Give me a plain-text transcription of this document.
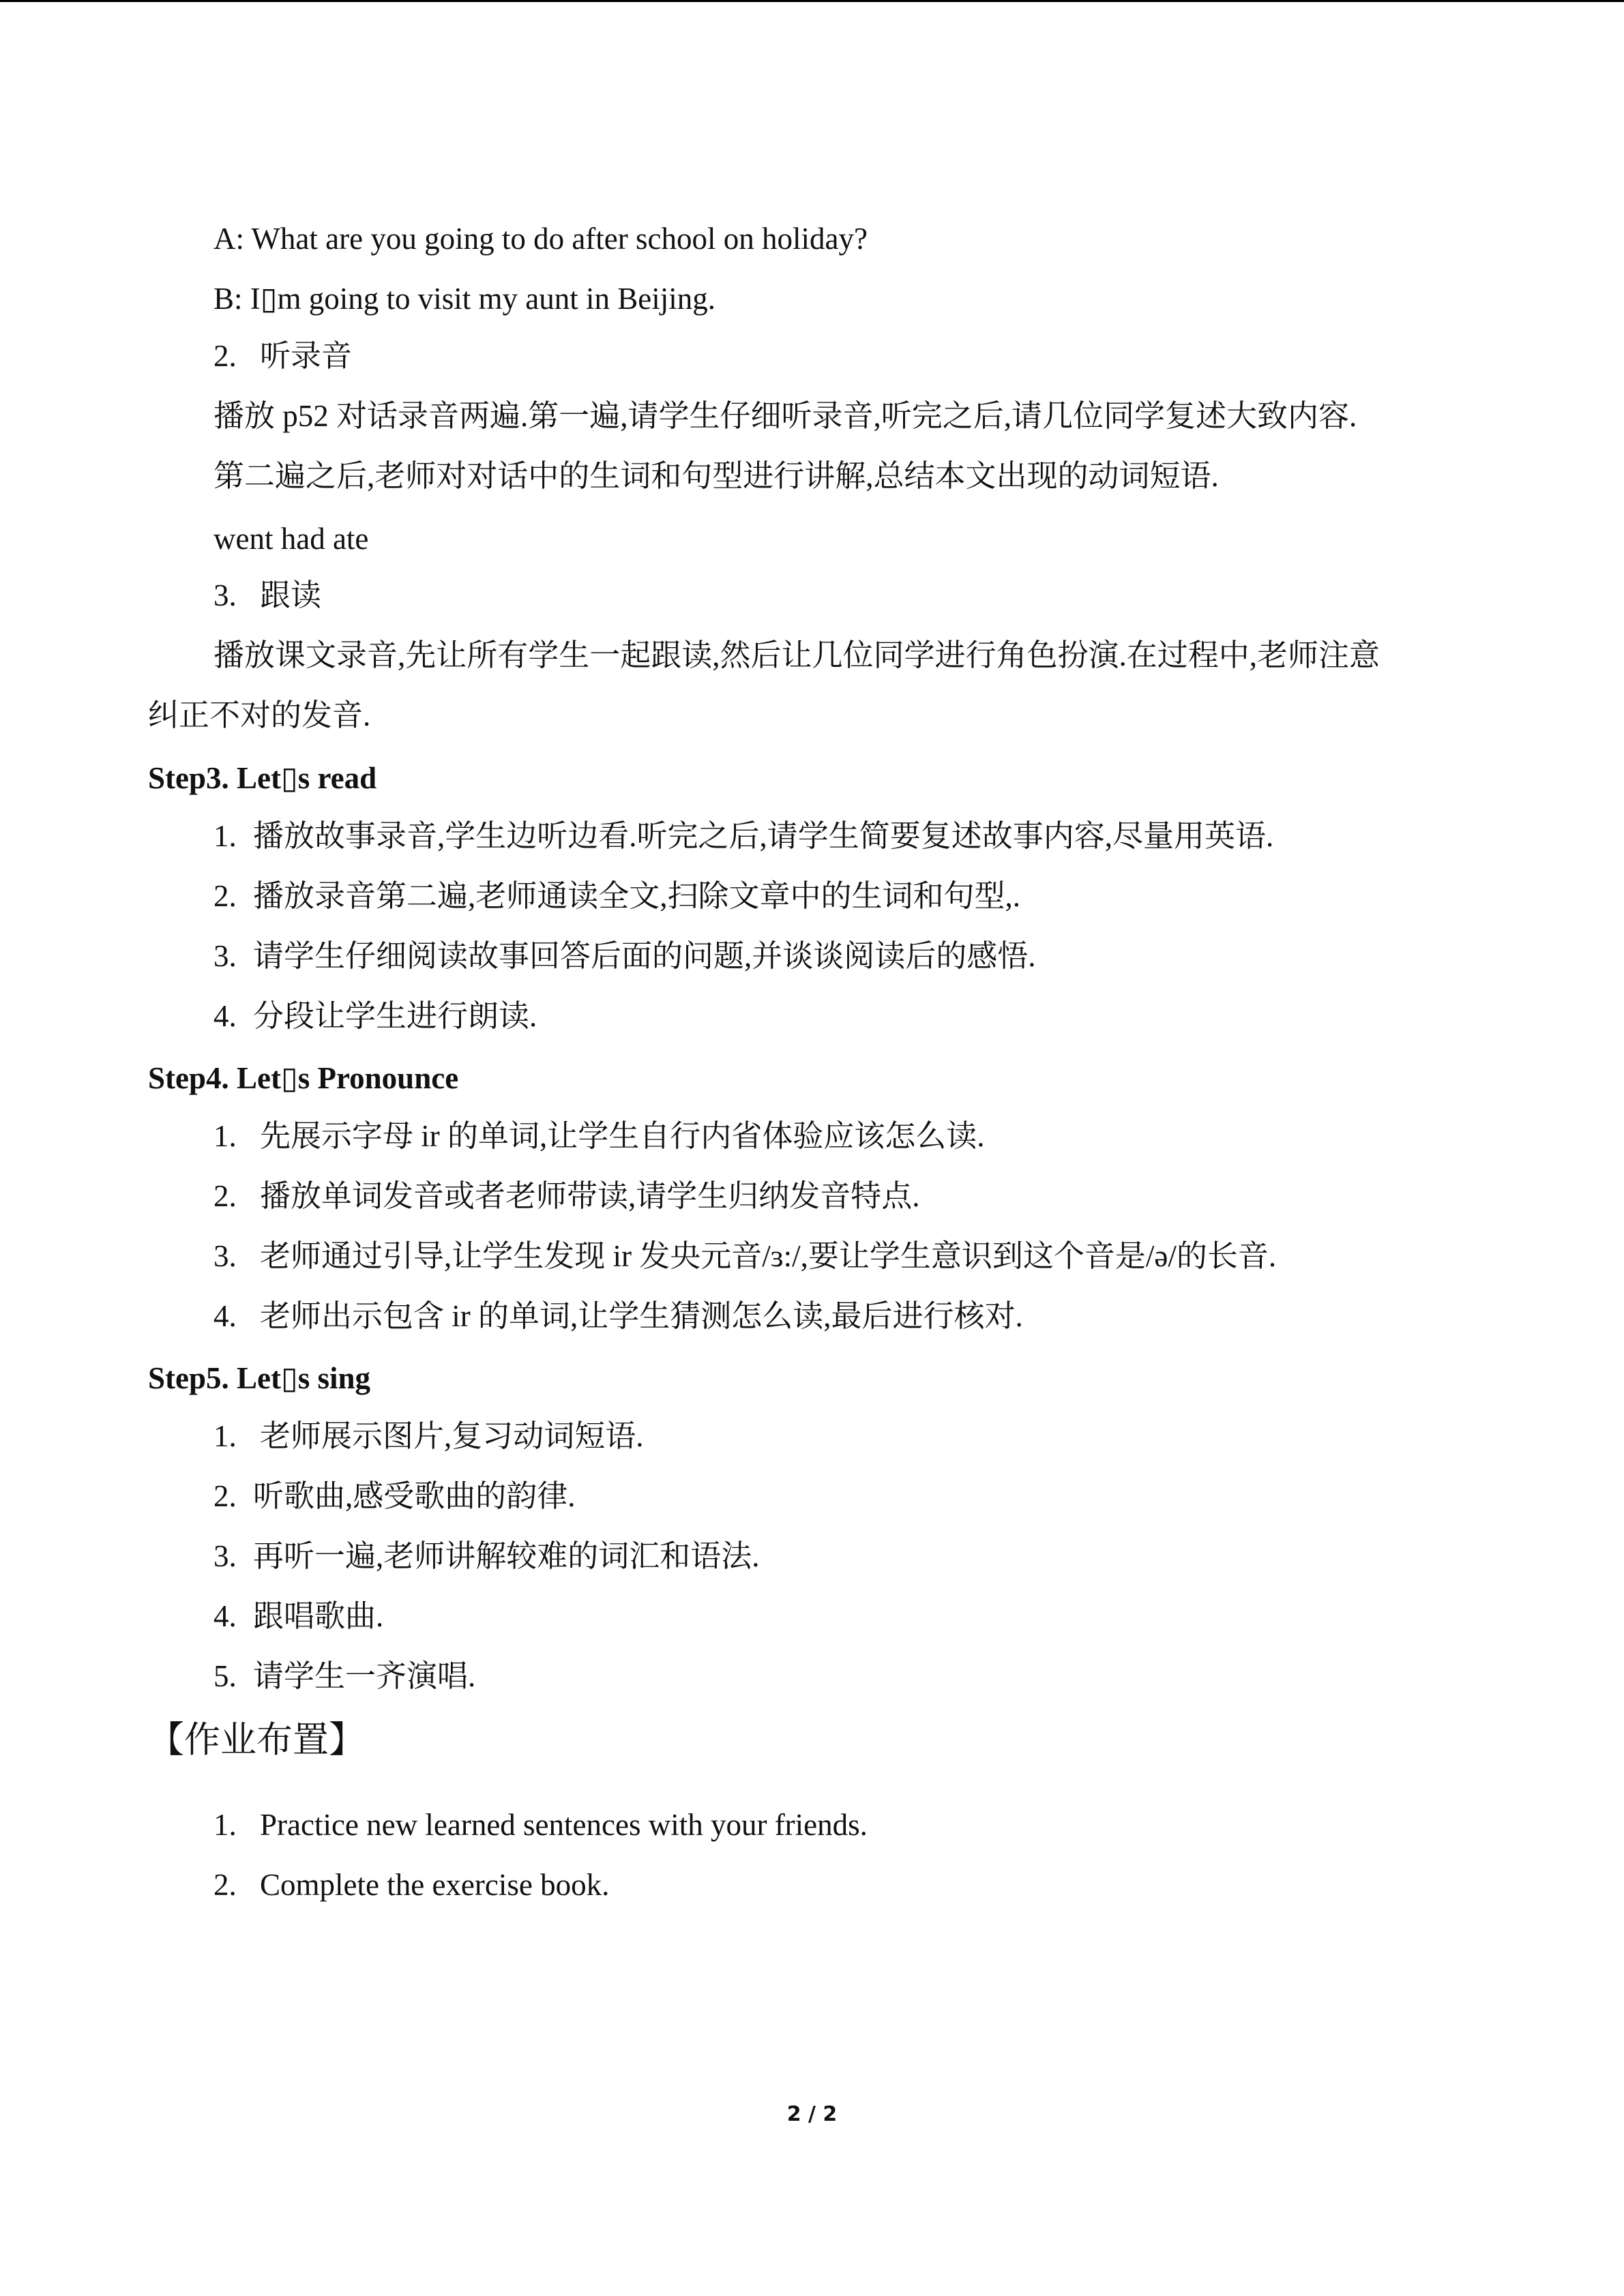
A: What are you going to do after school on holiday?
B: I▯m going to visit my aunt in Beijing.
2. 听录音
播放 p52 对话录音两遍.第一遍,请学生仔细听录音,听完之后,请几位同学复述大致内容.
第二遍之后,老师对对话中的生词和句型进行讲解,总结本文出现的动词短语.
went had ate
3. 跟读
播放课文录音,先让所有学生一起跟读,然后让几位同学进行角色扮演.在过程中,老师注意
纠正不对的发音.
Step3. Let▯s read
1. 播放故事录音,学生边听边看.听完之后,请学生简要复述故事内容,尽量用英语.
2. 播放录音第二遍,老师通读全文,扫除文章中的生词和句型,.
3. 请学生仔细阅读故事回答后面的问题,并谈谈阅读后的感悟.
4. 分段让学生进行朗读.
Step4. Let▯s Pronounce
1. 先展示字母 ir 的单词,让学生自行内省体验应该怎么读.
2. 播放单词发音或者老师带读,请学生归纳发音特点.
3. 老师通过引导,让学生发现 ir 发央元音/ɜ:/,要让学生意识到这个音是/ə/的长音.
4. 老师出示包含 ir 的单词,让学生猜测怎么读,最后进行核对.
Step5. Let▯s sing
1. 老师展示图片,复习动词短语.
2. 听歌曲,感受歌曲的韵律.
3. 再听一遍,老师讲解较难的词汇和语法.
4. 跟唱歌曲.
5. 请学生一齐演唱.
【作业布置】
1. Practice new learned sentences with your friends.
2. Complete the exercise book.
2 / 2
